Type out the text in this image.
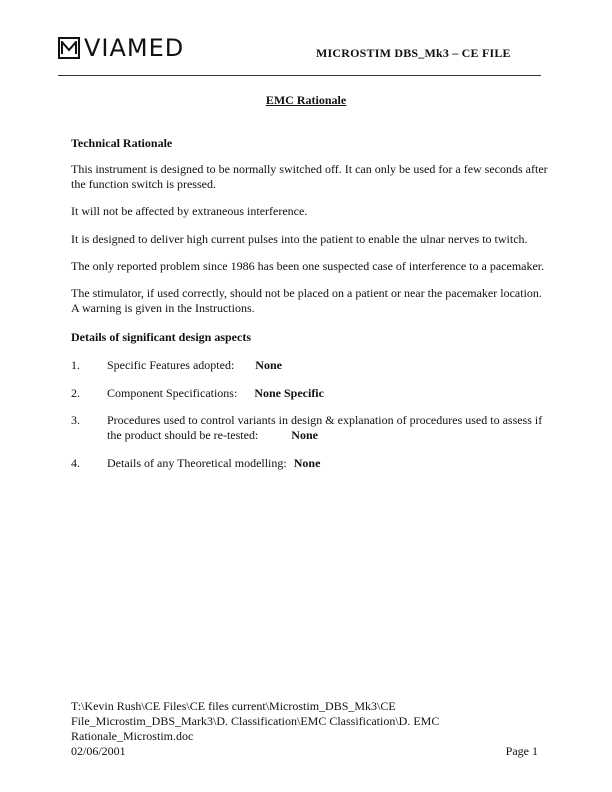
VIAMED	MICROSTIM DBS_Mk3 – CE FILE
EMC Rationale
Technical Rationale
This instrument is designed to be normally switched off. It can only be used for a few seconds after the function switch is pressed.
It will not be affected by extraneous interference.
It is designed to deliver high current pulses into the patient to enable the ulnar nerves to twitch.
The only reported problem since 1986 has been one suspected case of interference to a pacemaker.
The stimulator, if used correctly, should not be placed on a patient or near the pacemaker location. A warning is given in the Instructions.
Details of significant design aspects
1. Specific Features adopted: None
2. Component Specifications: None Specific
3. Procedures used to control variants in design & explanation of procedures used to assess if
the product should be re-tested:	None
4. Details of any Theoretical modelling: None
T:\Kevin Rush\CE Files\CE files current\Microstim_DBS_Mk3\CE
File_Microstim_DBS_Mark3\D. Classification\EMC Classification\D. EMC
Rationale_Microstim.doc
02/06/2001	Page 1
